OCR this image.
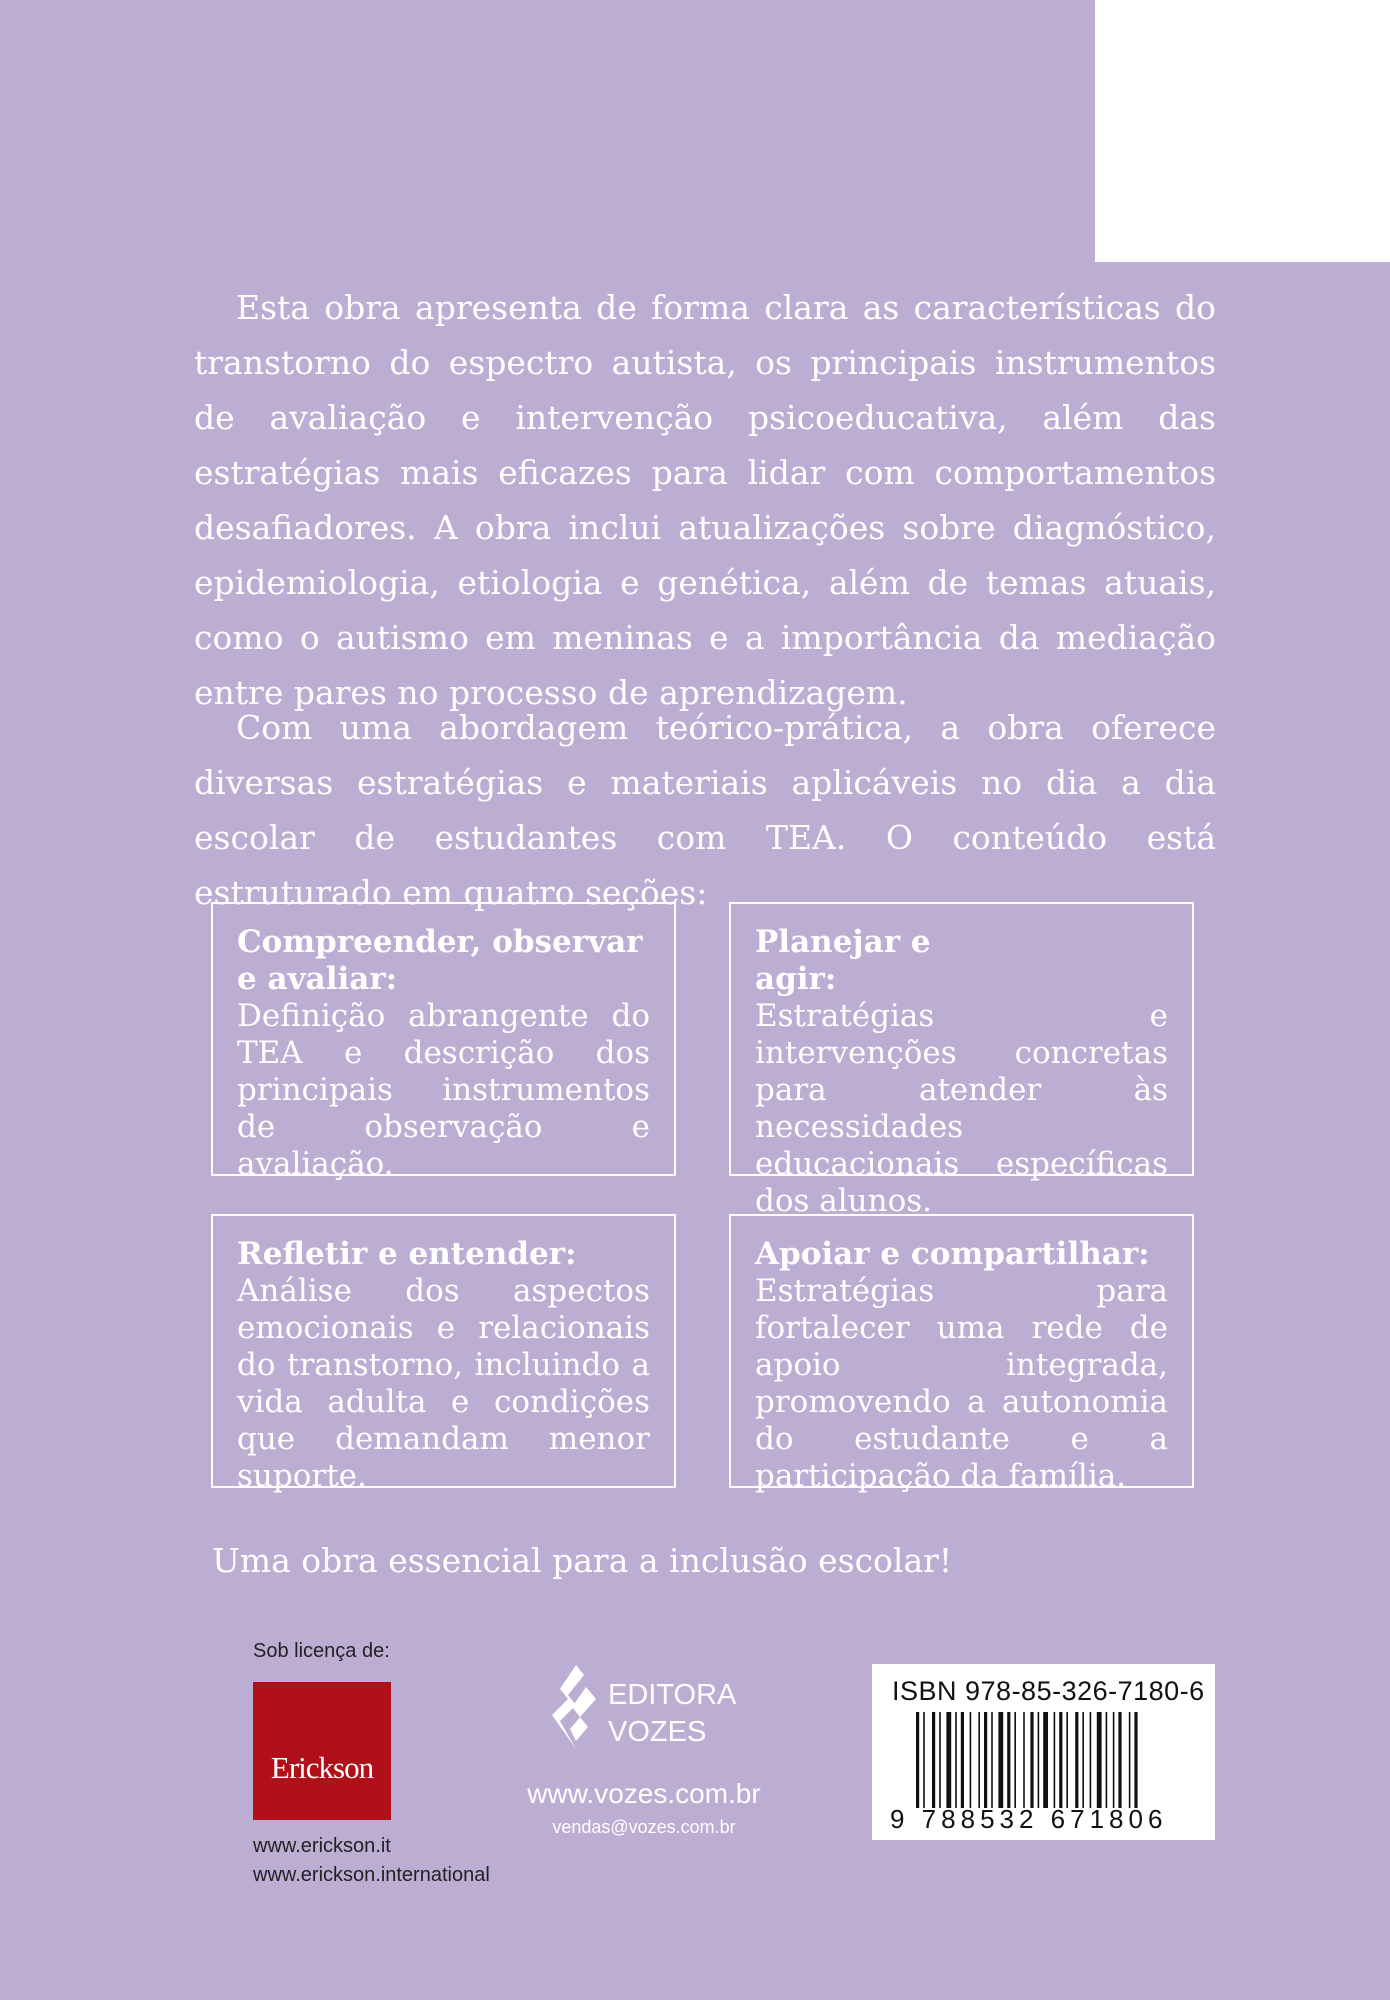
Esta obra apresenta de forma clara as características do transtorno do espectro autista, os principais instrumentos de avaliação e intervenção psicoeducativa, além das estratégias mais eficazes para lidar com comportamentos desafiadores. A obra inclui atualizações sobre diagnóstico, epidemiologia, etiologia e genética, além de temas atuais, como o autismo em meninas e a importância da mediação entre pares no processo de aprendizagem.

Com uma abordagem teórico-prática, a obra oferece diversas estratégias e materiais aplicáveis no dia a dia escolar de estudantes com TEA. O conteúdo está estruturado em quatro seções:

Compreender, observar e avaliar:

Definição abrangente do TEA e descrição dos principais instrumentos de observação e avaliação.

Planejar e
agir:

Estratégias e intervenções concretas para atender às necessidades educacionais específicas dos alunos.

Refletir e entender:

Análise dos aspectos emocionais e relacionais do transtorno, incluindo a vida adulta e condições que demandam menor suporte.

Apoiar e compartilhar:

Estratégias para fortalecer uma rede de apoio integrada, promovendo a autonomia do estudante e a participação da família.

Uma obra essencial para a inclusão escolar!

Sob licença de:
Erickson
www.erickson.it
www.erickson.international
EDITORA
VOZES
www.vozes.com.br
vendas@vozes.com.br
ISBN 978-85-326-7180-6
9 788532 671806
